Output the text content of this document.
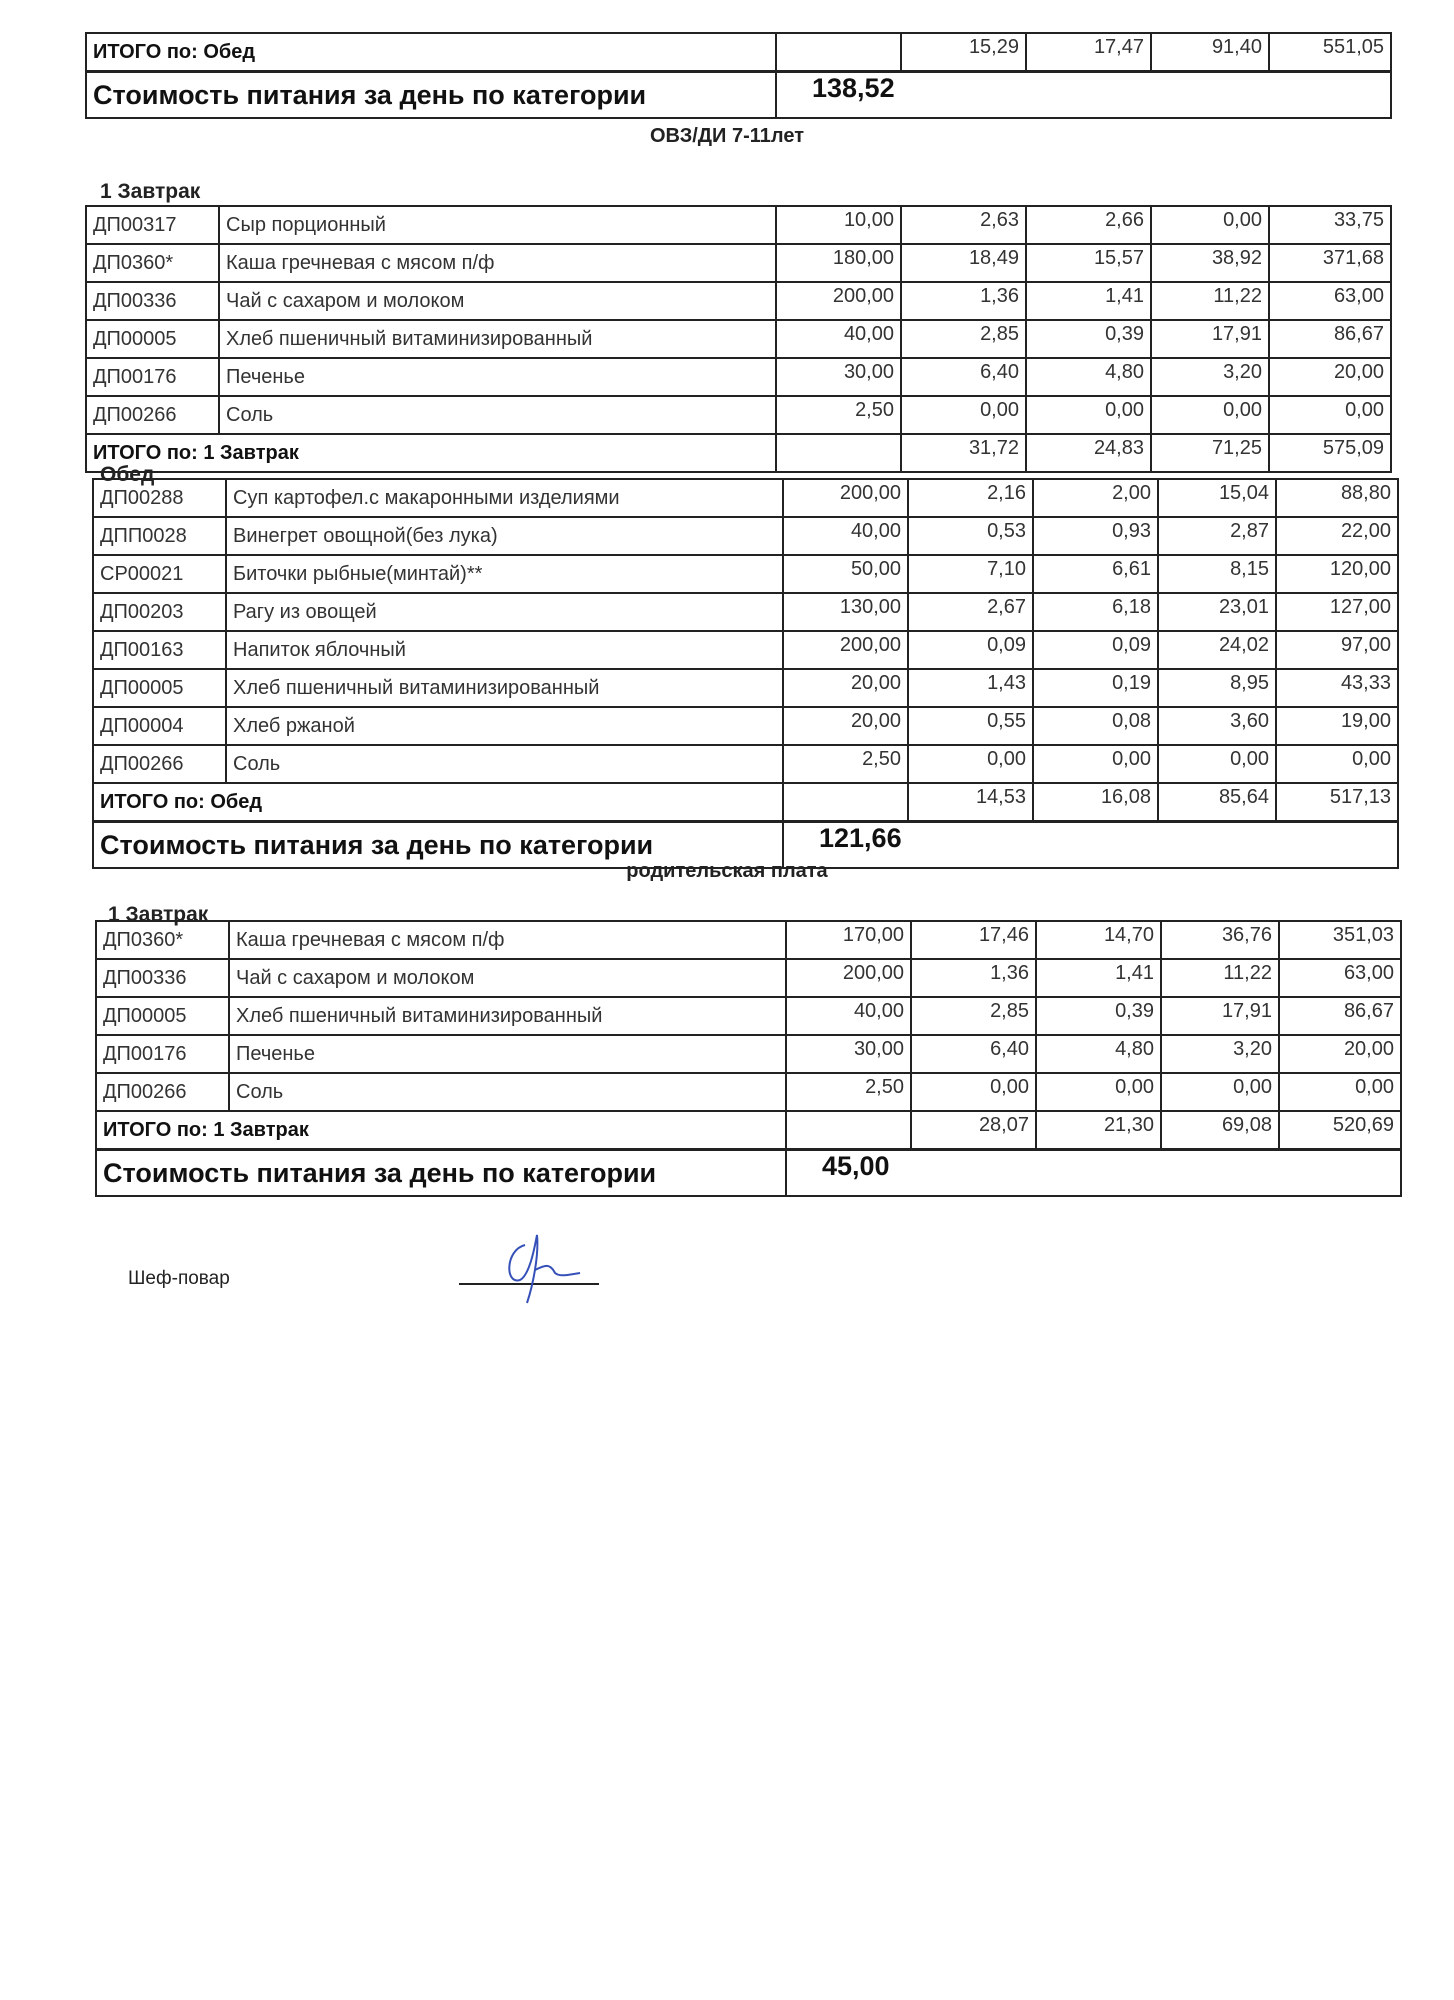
ИТОГО по: Обед		15,29	17,47	91,40	551,05
Стоимость питания за день по категории	138,52				
ОВЗ/ДИ 7-11лет
1 Завтрак
ДП00317	Сыр порционный	10,00	2,63	2,66	0,00	33,75
ДП0360*	Каша гречневая с мясом п/ф	180,00	18,49	15,57	38,92	371,68
ДП00336	Чай с сахаром и молоком	200,00	1,36	1,41	11,22	63,00
ДП00005	Хлеб пшеничный витаминизированный	40,00	2,85	0,39	17,91	86,67
ДП00176	Печенье	30,00	6,40	4,80	3,20	20,00
ДП00266	Соль	2,50	0,00	0,00	0,00	0,00
ИТОГО по: 1 Завтрак			31,72	24,83	71,25	575,09
Обед
ДП00288	Суп картофел.с макаронными изделиями	200,00	2,16	2,00	15,04	88,80
ДПП0028	Винегрет овощной(без лука)	40,00	0,53	0,93	2,87	22,00
СР00021	Биточки рыбные(минтай)**	50,00	7,10	6,61	8,15	120,00
ДП00203	Рагу из овощей	130,00	2,67	6,18	23,01	127,00
ДП00163	Напиток яблочный	200,00	0,09	0,09	24,02	97,00
ДП00005	Хлеб пшеничный витаминизированный	20,00	1,43	0,19	8,95	43,33
ДП00004	Хлеб ржаной	20,00	0,55	0,08	3,60	19,00
ДП00266	Соль	2,50	0,00	0,00	0,00	0,00
ИТОГО по: Обед			14,53	16,08	85,64	517,13
Стоимость питания за день по категории		121,66				
родительская плата
1 Завтрак
ДП0360*	Каша гречневая с мясом п/ф	170,00	17,46	14,70	36,76	351,03
ДП00336	Чай с сахаром и молоком	200,00	1,36	1,41	11,22	63,00
ДП00005	Хлеб пшеничный витаминизированный	40,00	2,85	0,39	17,91	86,67
ДП00176	Печенье	30,00	6,40	4,80	3,20	20,00
ДП00266	Соль	2,50	0,00	0,00	0,00	0,00
ИТОГО по: 1 Завтрак			28,07	21,30	69,08	520,69
Стоимость питания за день по категории		45,00				
Шеф-повар
